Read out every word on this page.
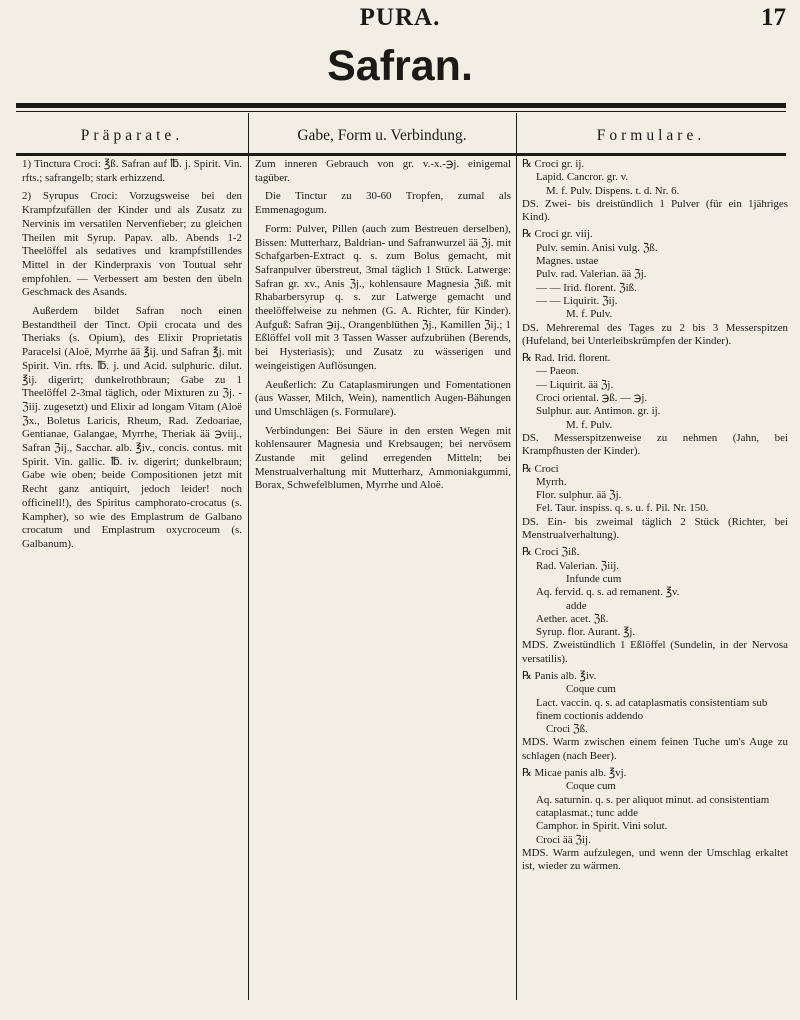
PURA.	17
Safran.
Präparate.	Gabe, Form u. Verbindung.	Formulare.

1) Tinctura Croci: ℥ß. Safran auf ℔. j. Spirit. Vin. rfts.; safrangelb; stark erhizzend.

2) Syrupus Croci: Vorzugsweise bei den Krampfzufällen der Kinder und als Zusatz zu Nervinis im versatilen Nervenfieber; zu gleichen Theilen mit Syrup. Papav. alb. Abends 1-2 Theelöffel als sedatives und krampfstillendes Mittel in der Kinderpraxis von Toutual sehr empfohlen. — Verbessert am besten den übeln Geschmack des Asands.

Außerdem bildet Safran noch einen Bestandtheil der Tinct. Opii crocata und des Theriaks (s. Opium), des Elixir Proprietatis Paracelsi (Aloë, Myrrhe ää ℥ij. und Safran ℥j. mit Spirit. Vin. rfts. ℔. j. und Acid. sulphuric. dilut. ℥ij. digerirt; dunkelrothbraun; Gabe zu 1 Theelöffel 2-3mal täglich, oder Mixturen zu ℨj. - ℨiij. zugesetzt) und Elixir ad longam Vitam (Aloë ℨx., Boletus Laricis, Rheum, Rad. Zedoariae, Gentianae, Galangae, Myrrhe, Theriak ää ℈viij., Safran ℨij., Sacchar. alb. ℥iv., concis. contus. mit Spirit. Vin. gallic. ℔. iv. digerirt; dunkelbraun; Gabe wie oben; beide Compositionen jetzt mit Recht ganz antiquirt, jedoch leider! noch officinell!), des Spiritus camphorato-crocatus (s. Kampher), so wie des Emplastrum de Galbano crocatum und Emplastrum oxycroceum (s. Galbanum).

Zum inneren Gebrauch von gr. v.-x.-℈j. einigemal tagüber.

Die Tinctur zu 30-60 Tropfen, zumal als Emmenagogum.

Form: Pulver, Pillen (auch zum Bestreuen derselben), Bissen: Mutterharz, Baldrian- und Safranwurzel ää ℨj. mit Schafgarben-Extract q. s. zum Bolus gemacht, mit Safranpulver überstreut, 3mal täglich 1 Stück. Latwerge: Safran gr. xv., Anis ℨj., kohlensaure Magnesia ℨiß. mit Rhabarbersyrup q. s. zur Latwerge gemacht und theelöffelweise zu nehmen (G. A. Richter, für Kinder). Aufguß: Safran ℈ij., Orangenblüthen ℨj., Kamillen ℨij.; 1 Eßlöffel voll mit 3 Tassen Wasser aufzubrühen (Berends, bei Hysteriasis); und Zusatz zu wässerigen und weingeistigen Auflösungen.

Aeußerlich: Zu Cataplasmirungen und Fomentationen (aus Wasser, Milch, Wein), namentlich Augen-Bähungen und Umschlägen (s. Formulare).

Verbindungen: Bei Säure in den ersten Wegen mit kohlensaurer Magnesia und Krebsaugen; bei nervösem Zustande mit gelind erregenden Mitteln; bei Menstrualverhaltung mit Mutterharz, Ammoniakgummi, Borax, Schwefelblumen, Myrrhe und Aloë.

℞ Croci gr. ij.
Lapid. Cancror. gr. v.
M. f. Pulv. Dispens. t. d. Nr. 6.

DS. Zwei- bis dreistündlich 1 Pulver (für ein 1jähriges Kind).

℞ Croci gr. viij.
Pulv. semin. Anisi vulg. ℨß.
Magnes. ustae
Pulv. rad. Valerian. ää ℨj.
— — Irid. florent. ℨiß.
— — Liquirit. ℨij.
M. f. Pulv.

DS. Mehreremal des Tages zu 2 bis 3 Messerspitzen (Hufeland, bei Unterleibskrümpfen der Kinder).

℞ Rad. Irid. florent.
— Paeon.
— Liquirit. ää ℨj.
Croci oriental. ℈ß. — ℈j.
Sulphur. aur. Antimon. gr. ij.
M. f. Pulv.

DS. Messerspitzenweise zu nehmen (Jahn, bei Krampfhusten der Kinder).

℞ Croci
Myrrh.
Flor. sulphur. ää ℨj.
Fel. Taur. inspiss. q. s. u. f. Pil. Nr. 150.

DS. Ein- bis zweimal täglich 2 Stück (Richter, bei Menstrualverhaltung).

℞ Croci ℨiß.
Rad. Valerian. ℨiij.
Infunde cum
Aq. fervid. q. s. ad remanent. ℥v.
adde
Aether. acet. ℨß.
Syrup. flor. Aurant. ℥j.

MDS. Zweistündlich 1 Eßlöffel (Sundelin, in der Nervosa versatilis).

℞ Panis alb. ℥iv.
Coque cum
Lact. vaccin. q. s. ad cataplasmatis consistentiam sub finem coctionis addendo
Croci ℨß.

MDS. Warm zwischen einem feinen Tuche um's Auge zu schlagen (nach Beer).

℞ Micae panis alb. ℥vj.
Coque cum
Aq. saturnin. q. s. per aliquot minut. ad consistentiam cataplasmat.; tunc adde
Camphor. in Spirit. Vini solut.
Croci ää ℨij.

MDS. Warm aufzulegen, und wenn der Umschlag erkaltet ist, wieder zu wärmen.
